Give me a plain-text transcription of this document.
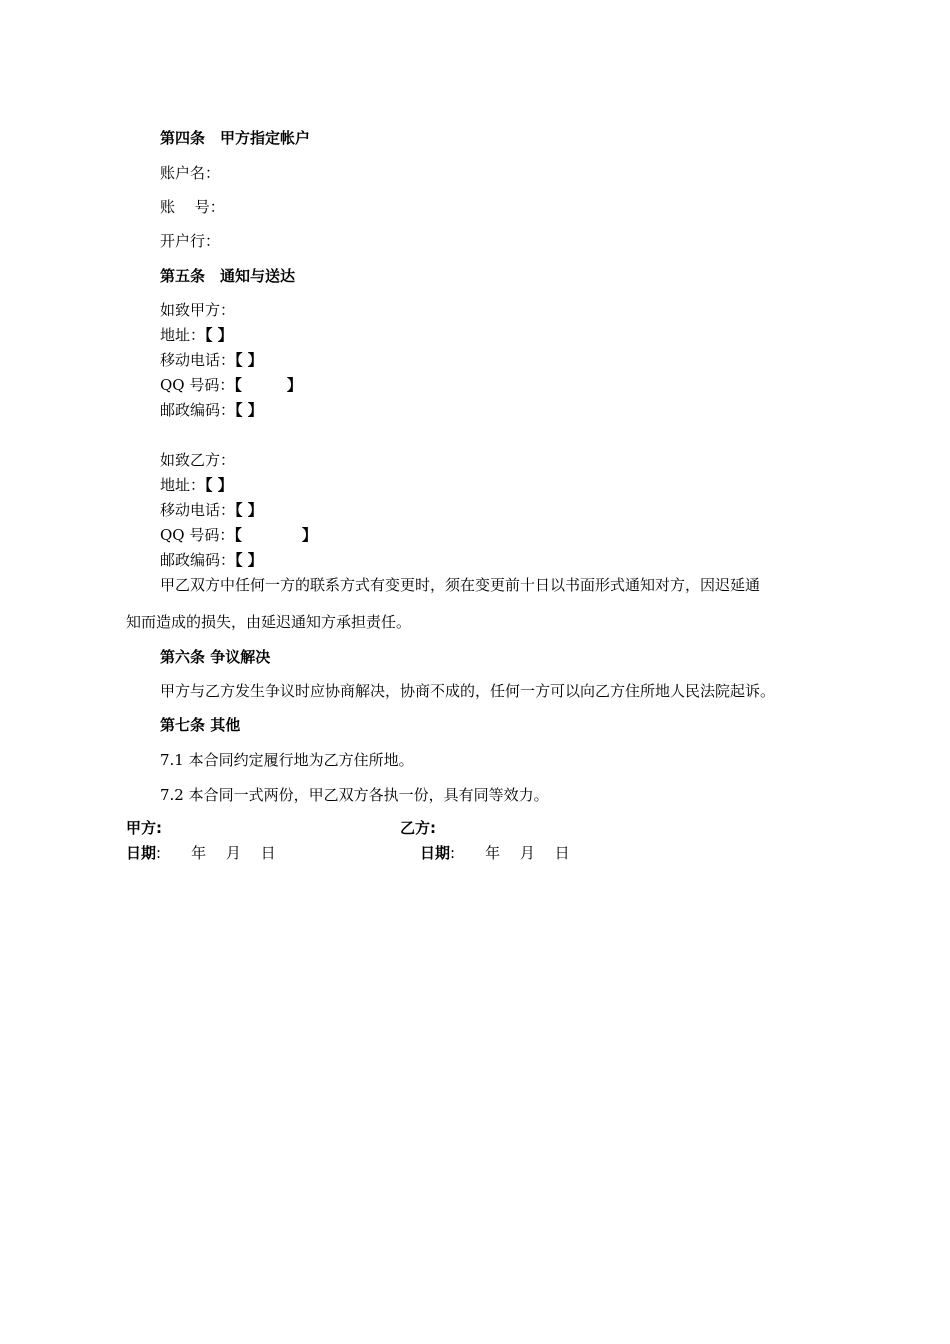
第四条　甲方指定帐户
账户名：
账　 号：
开户行：
第五条　通知与送达
如致甲方：
地址：【 】
移动电话：【 】
QQ 号码：【　　　】
邮政编码：【 】
如致乙方：
地址：【 】
移动电话：【 】
QQ 号码：【　　　　】
邮政编码：【 】
甲乙双方中任何一方的联系方式有变更时，须在变更前十日以书面形式通知对方，因迟延通
知而造成的损失，由延迟通知方承担责任。
第六条 争议解决
甲方与乙方发生争议时应协商解决，协商不成的，任何一方可以向乙方住所地人民法院起诉。
第七条 其他
7.1 本合同约定履行地为乙方住所地。
7.2 本合同一式两份，甲乙双方各执一份，具有同等效力。
甲方:	乙方:
日期:　　年　 月　 日	日期:　　年　 月　 日
